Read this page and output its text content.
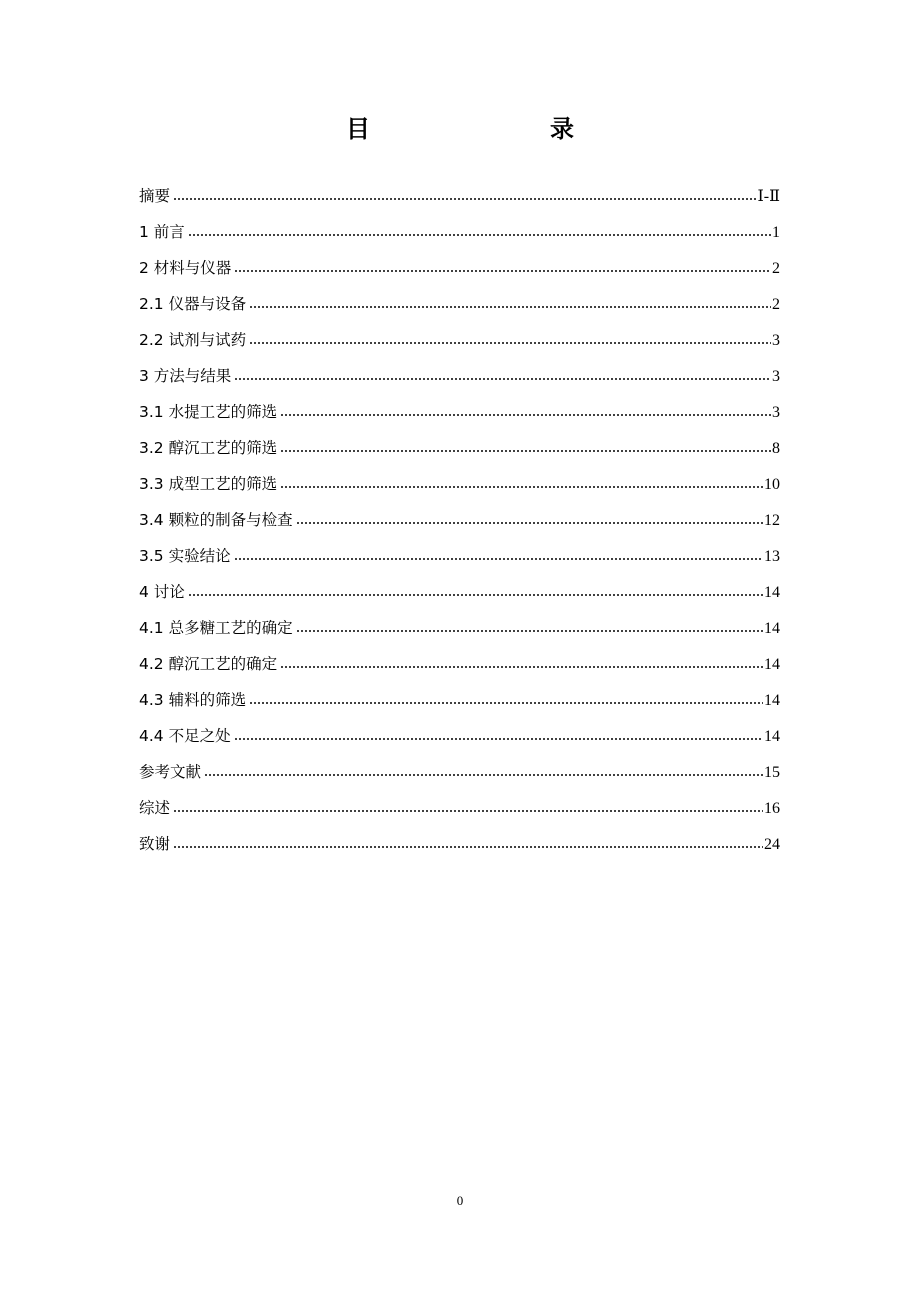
目　　录
摘要	Ⅰ-Ⅱ
1 前言	1
2 材料与仪器	2
2.1 仪器与设备	2
2.2 试剂与试药	3
3 方法与结果	3
3.1 水提工艺的筛选	3
3.2 醇沉工艺的筛选	8
3.3 成型工艺的筛选	10
3.4 颗粒的制备与检查	12
3.5 实验结论	13
4 讨论	14
4.1 总多糖工艺的确定	14
4.2 醇沉工艺的确定	14
4.3 辅料的筛选	14
4.4 不足之处	14
参考文献	15
综述	16
致谢	24
0
